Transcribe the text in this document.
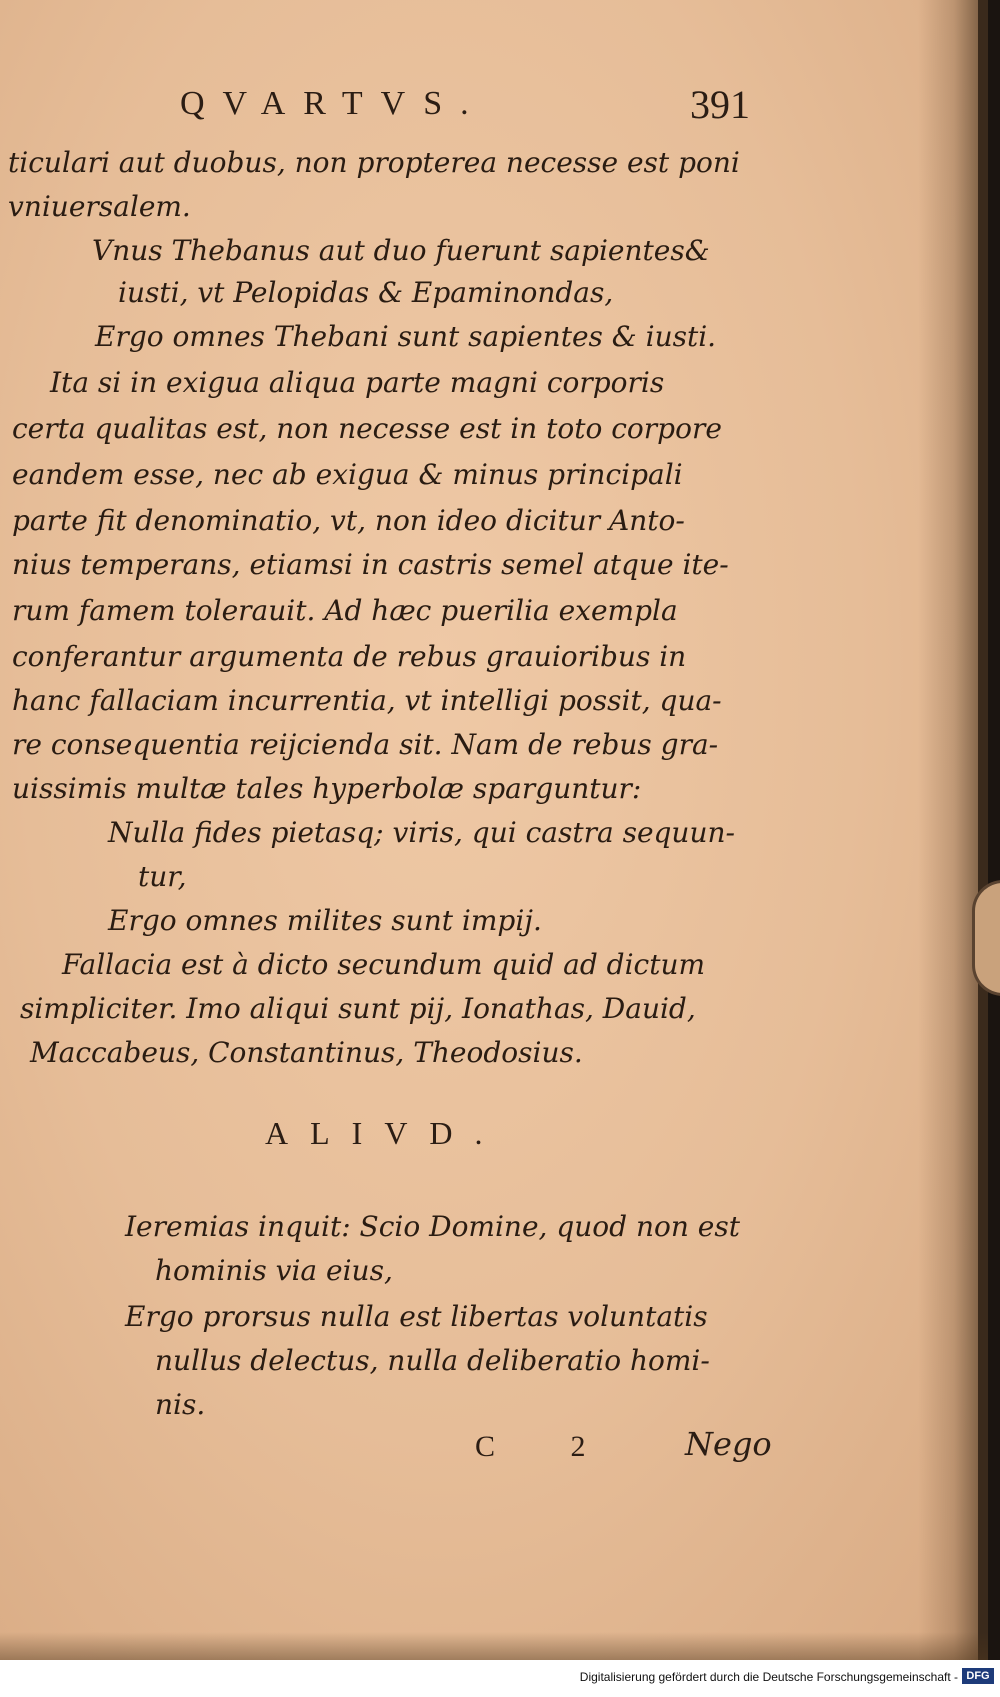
QVARTVS.	391
ticulari aut duobus, non propterea necesse est poni
vniuersalem.
Vnus Thebanus aut duo fuerunt sapientes&
iusti, vt Pelopidas & Epaminondas,
Ergo omnes Thebani sunt sapientes & iusti.
Ita si in exigua aliqua parte magni corporis
certa qualitas est, non necesse est in toto corpore
eandem esse, nec ab exigua & minus principali
parte fit denominatio, vt, non ideo dicitur Anto-
nius temperans, etiamsi in castris semel atque ite-
rum famem tolerauit. Ad hæc puerilia exempla
conferantur argumenta de rebus grauioribus in
hanc fallaciam incurrentia, vt intelligi possit, qua-
re consequentia reijcienda sit. Nam de rebus gra-
uissimis multæ tales hyperbolæ sparguntur:
Nulla fides pietasq; viris, qui castra sequun-
tur,
Ergo omnes milites sunt impij.
Fallacia est à dicto secundum quid ad dictum
simpliciter. Imo aliqui sunt pij, Ionathas, Dauid,
Maccabeus, Constantinus, Theodosius.
Ieremias inquit: Scio Domine, quod non est
hominis via eius,
Ergo prorsus nulla est libertas voluntatis
nullus delectus, nulla deliberatio homi-
nis.
ALIVD.
C 2 Nego
Digitalisierung gefördert durch die Deutsche Forschungsgemeinschaft - DFG
